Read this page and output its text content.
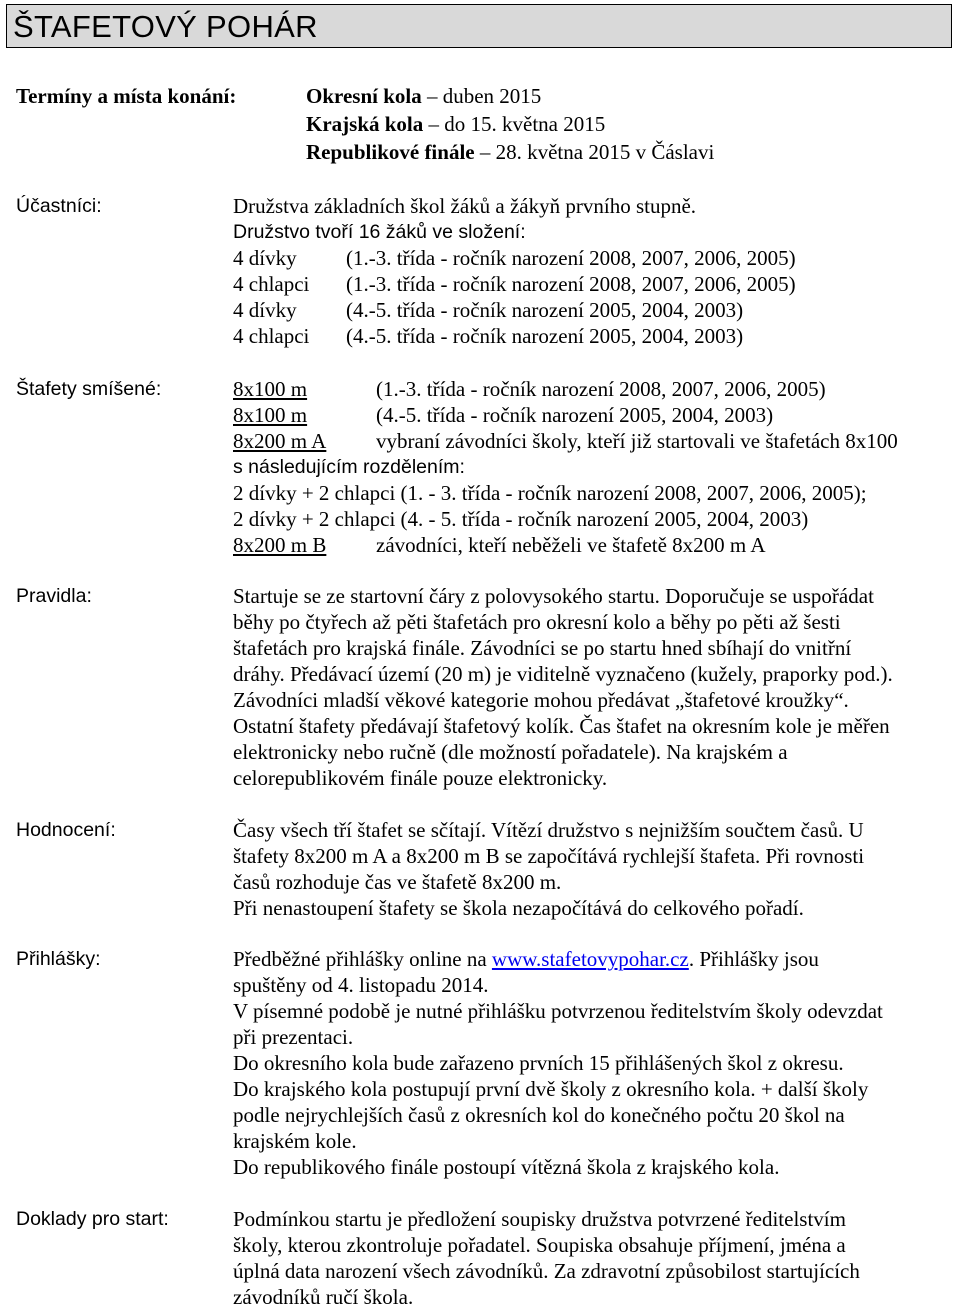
ŠTAFETOVÝ POHÁR
Termíny a místa konání:	Okresní kola – duben 2015
Krajská kola – do 15. května 2015
Republikové finále – 28. května 2015 v Čáslavi
Účastníci:	Družstva základních škol žáků a žákyň prvního stupně.
Družstvo tvoří 16 žáků ve složení:
4 dívky (1.-3. třída - ročník narození 2008, 2007, 2006, 2005)
4 chlapci (1.-3. třída - ročník narození 2008, 2007, 2006, 2005)
4 dívky (4.-5. třída - ročník narození 2005, 2004, 2003)
4 chlapci (4.-5. třída - ročník narození 2005, 2004, 2003)
Štafety smíšené:	8x100 m	(1.-3. třída - ročník narození 2008, 2007, 2006, 2005)
8x100 m	(4.-5. třída - ročník narození 2005, 2004, 2003)
8x200 m A vybraní závodníci školy, kteří již startovali ve štafetách 8x100
s následujícím rozdělením:
2 dívky + 2 chlapci (1. - 3. třída - ročník narození 2008, 2007, 2006, 2005);
2 dívky + 2 chlapci (4. - 5. třída - ročník narození 2005, 2004, 2003)
8x200 m B závodníci, kteří neběželi ve štafetě 8x200 m A
Pravidla:	Startuje se ze startovní čáry z polovysokého startu. Doporučuje se uspořádat
běhy po čtyřech až pěti štafetách pro okresní kolo a běhy po pěti až šesti
štafetách pro krajská finále. Závodníci se po startu hned sbíhají do vnitřní
dráhy. Předávací území (20 m) je viditelně vyznačeno (kužely, praporky pod.).
Závodníci mladší věkové kategorie mohou předávat „štafetové kroužky“.
Ostatní štafety předávají štafetový kolík. Čas štafet na okresním kole je měřen
elektronicky nebo ručně (dle možností pořadatele). Na krajském a
celorepublikovém finále pouze elektronicky.
Hodnocení:	Časy všech tří štafet se sčítají. Vítězí družstvo s nejnižším součtem časů. U
štafety 8x200 m A a 8x200 m B se započítává rychlejší štafeta. Při rovnosti
časů rozhoduje čas ve štafetě 8x200 m.
Při nenastoupení štafety se škola nezapočítává do celkového pořadí.
Přihlášky:	Předběžné přihlášky online na www.stafetovypohar.cz. Přihlášky jsou
spuštěny od 4. listopadu 2014.
V písemné podobě je nutné přihlášku potvrzenou ředitelstvím školy odevzdat
při prezentaci.
Do okresního kola bude zařazeno prvních 15 přihlášených škol z okresu.
Do krajského kola postupují první dvě školy z okresního kola. + další školy
podle nejrychlejších časů z okresních kol do konečného počtu 20 škol na
krajském kole.
Do republikového finále postoupí vítězná škola z krajského kola.
Doklady pro start:	Podmínkou startu je předložení soupisky družstva potvrzené ředitelstvím
školy, kterou zkontroluje pořadatel. Soupiska obsahuje příjmení, jména a
úplná data narození všech závodníků. Za zdravotní způsobilost startujících
závodníků ručí škola.
